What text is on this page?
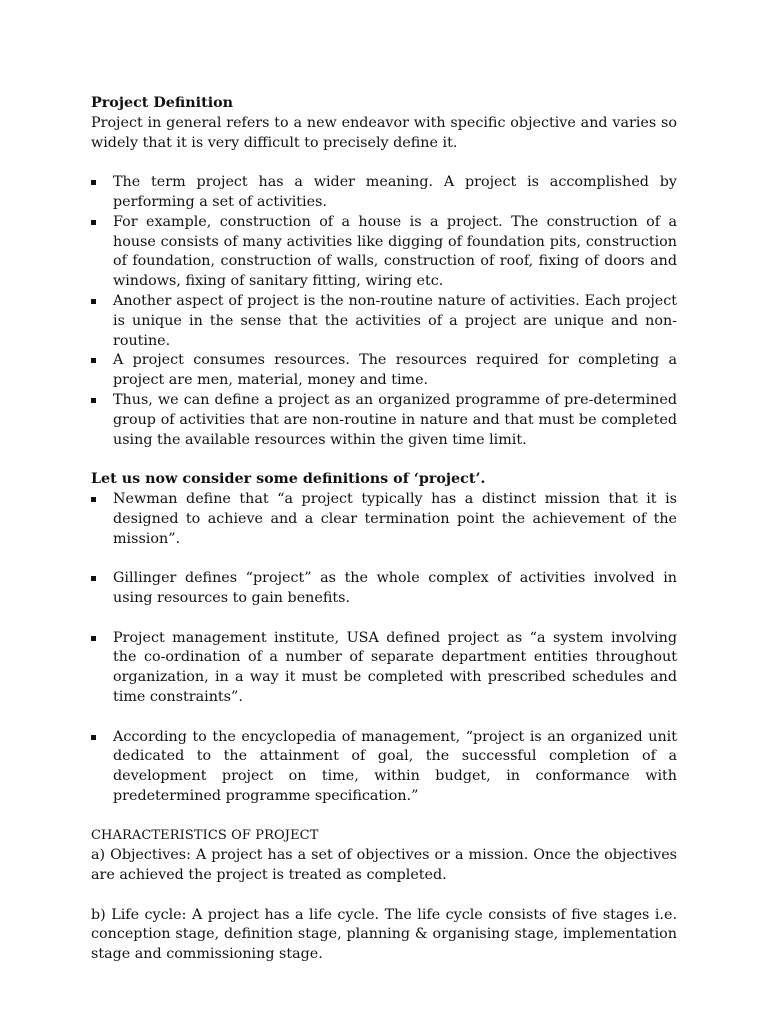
Project Definition

Project in general refers to a new endeavor with specific objective and varies so widely that it is very difficult to precisely define it.

The term project has a wider meaning. A project is accomplished by performing a set of activities.
For example, construction of a house is a project. The construction of a house consists of many activities like digging of foundation pits, construction of foundation, construction of walls, construction of roof, fixing of doors and windows, fixing of sanitary fitting, wiring etc.
Another aspect of project is the non-routine nature of activities. Each project is unique in the sense that the activities of a project are unique and non-routine.
A project consumes resources. The resources required for completing a project are men, material, money and time.
Thus, we can define a project as an organized programme of pre-determined group of activities that are non-routine in nature and that must be completed using the available resources within the given time limit.

Let us now consider some definitions of ‘project’.

Newman define that “a project typically has a distinct mission that it is designed to achieve and a clear termination point the achievement of the mission”.
Gillinger defines “project” as the whole complex of activities involved in using resources to gain benefits.
Project management institute, USA defined project as “a system involving the co-ordination of a number of separate department entities throughout organization, in a way it must be completed with prescribed schedules and time constraints”.
According to the encyclopedia of management, “project is an organized unit dedicated to the attainment of goal, the successful completion of a development project on time, within budget, in conformance with predetermined programme specification.”

CHARACTERISTICS OF PROJECT

a) Objectives: A project has a set of objectives or a mission. Once the objectives are achieved the project is treated as completed.

b) Life cycle: A project has a life cycle. The life cycle consists of five stages i.e. conception stage, definition stage, planning & organising stage, implementation stage and commissioning stage.
